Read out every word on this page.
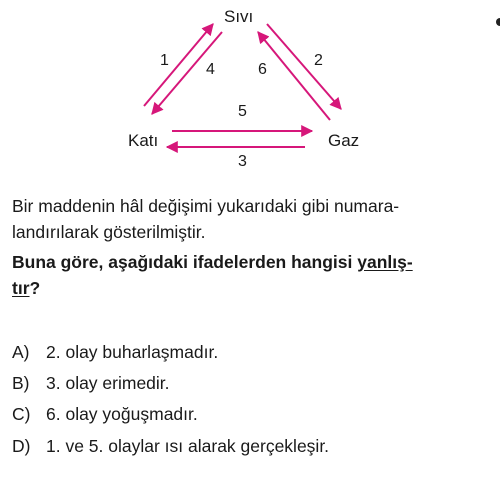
Sıvı
Katı	Gaz
1
4	6
2
5
3
Bir maddenin hâl değişimi yukarıdaki gibi numara-
landırılarak gösterilmiştir.
Buna göre, aşağıdaki ifadelerden hangisi yanlış-
tır?
A) 2. olay buharlaşmadır.
B) 3. olay erimedir.
C) 6. olay yoğuşmadır.
D) 1. ve 5. olaylar ısı alarak gerçekleşir.
